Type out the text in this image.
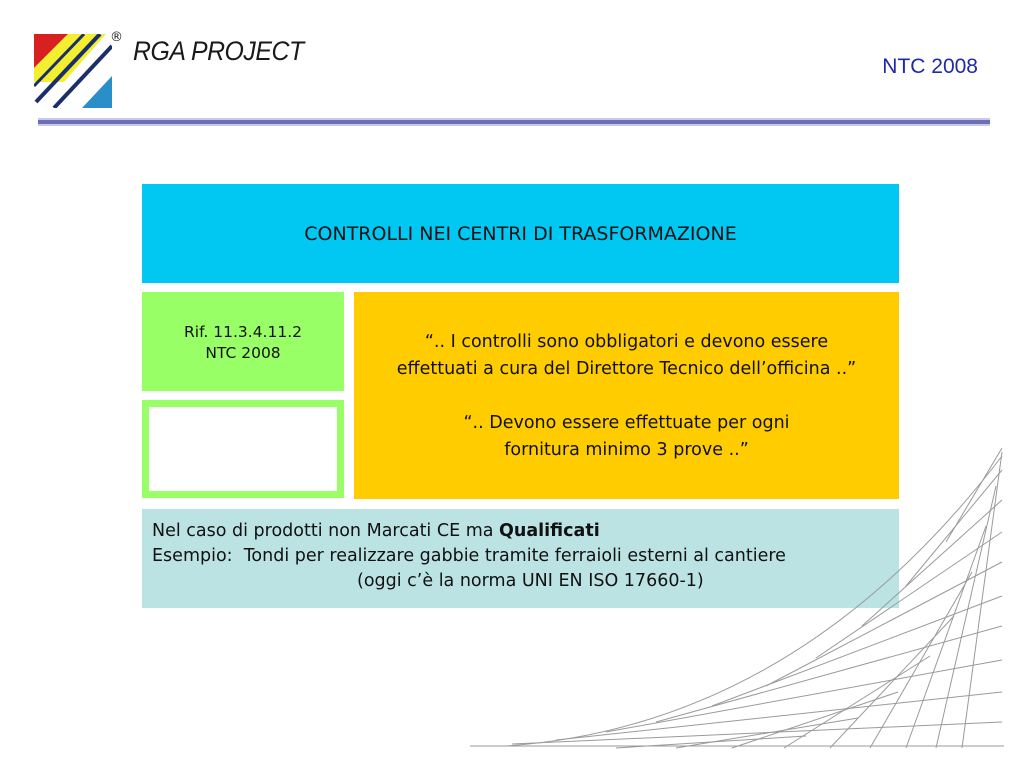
® RGA PROJECT
NTC 2008
CONTROLLI NEI CENTRI DI TRASFORMAZIONE
Rif. 11.3.4.11.2
NTC 2008

“.. I controlli sono obbligatori e devono essere
effettuati a cura del Direttore Tecnico dell’officina ..”

“.. Devono essere effettuate per ogni
fornitura minimo 3 prove ..”

Nel caso di prodotti non Marcati CE ma Qualificati
Esempio: Tondi per realizzare gabbie tramite ferraioli esterni al cantiere
(oggi c’è la norma UNI EN ISO 17660-1)
